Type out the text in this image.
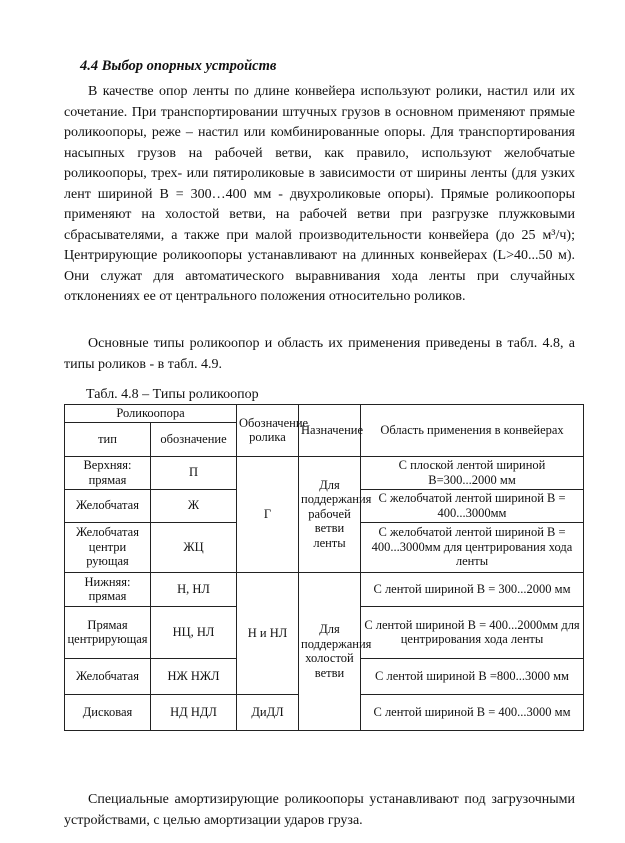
4.4 Выбор опорных устройств

В качестве опор ленты по длине конвейера используют ролики, настил или их сочетание. При транспортировании штучных грузов в основном применяют прямые роликоопоры, реже – настил или комбинированные опоры. Для транспортирования насыпных грузов на рабочей ветви, как правило, используют желобчатые роликоопоры, трех- или пятироликовые в зависимости от ширины ленты (для узких лент шириной В = 300…400 мм - двухроликовые опоры). Прямые роликоопоры применяют на холостой ветви, на рабочей ветви при разгрузке плужковыми сбрасывателями, а также при малой производительности конвейера (до 25 м³/ч); Центрирующие роликоопоры устанавливают на длинных конвейерах (L>40...50 м). Они служат для автоматического выравнивания хода ленты при случайных отклонениях ее от центрального положения относительно роликов.

Основные типы роликоопор и область их применения приведены в табл. 4.8, а типы роликов - в табл. 4.9.

Табл. 4.8 – Типы роликоопор
Роликоопора		Обозначение ролика	Назначение	Область применения в конвейерах
тип	обозначение			
Верхняя: прямая	П	Г	Для поддержания рабочей ветви ленты	С плоской лентой шириной В=300...2000 мм
Желобчатая	Ж			С желобчатой лентой шириной В = 400...3000мм
Желобчатая центри рующая	ЖЦ			С желобчатой лентой шириной В = 400...3000мм для центрирования хода ленты
Нижняя: прямая	Н, НЛ	Н и НЛ	Для поддержания холостой ветви	С лентой шириной В = 300...2000 мм
Прямая центрирующая	НЦ, НЛ			С лентой шириной В = 400...2000мм для центрирования хода ленты
Желобчатая	НЖ НЖЛ			С лентой шириной В =800...3000 мм
Дисковая	НД НДЛ	ДиДЛ		С лентой шириной В = 400...3000 мм

Специальные амортизирующие роликоопоры устанавливают под загрузочными устройствами, с целью амортизации ударов груза.
